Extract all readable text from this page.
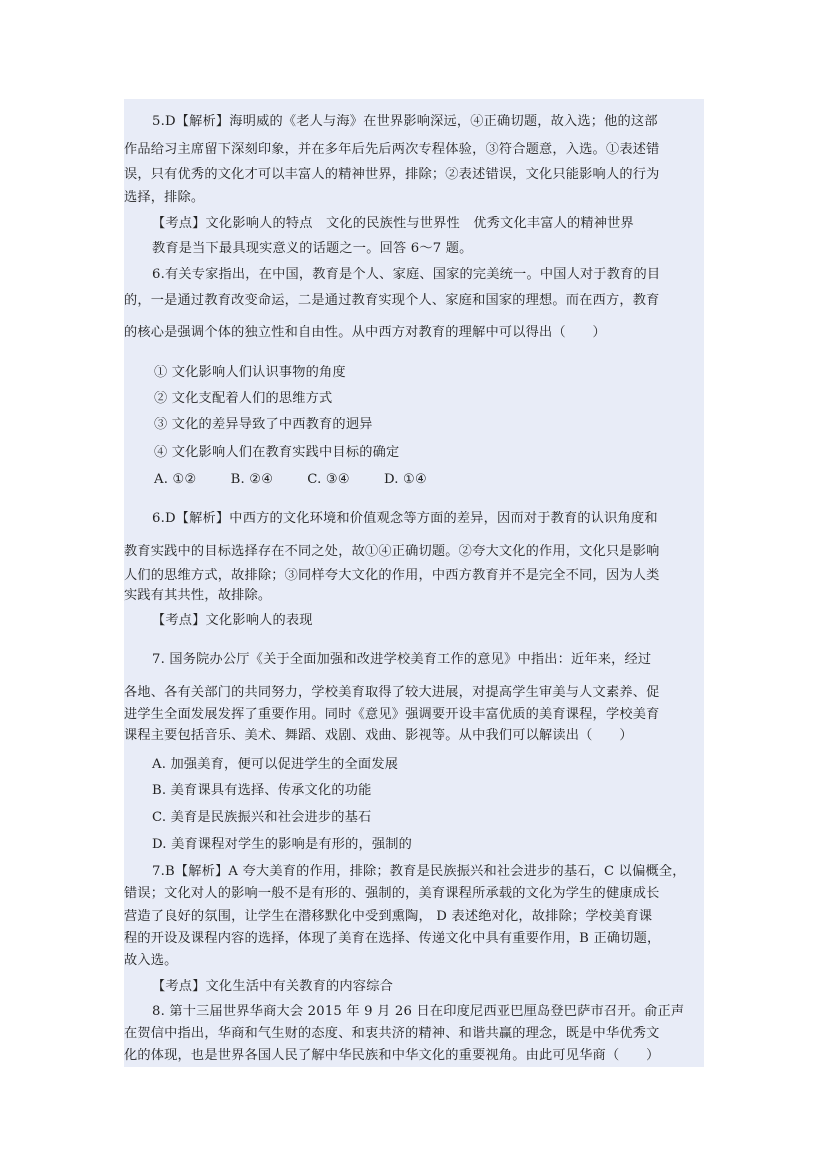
5.D【解析】海明威的《老人与海》在世界影响深远，④正确切题，故入选；他的这部
作品给习主席留下深刻印象，并在多年后先后两次专程体验，③符合题意，入选。①表述错
误，只有优秀的文化才可以丰富人的精神世界，排除；②表述错误，文化只能影响人的行为
选择，排除。
【考点】文化影响人的特点　文化的民族性与世界性　优秀文化丰富人的精神世界
教育是当下最具现实意义的话题之一。回答 6～7 题。
6.有关专家指出，在中国，教育是个人、家庭、国家的完美统一。中国人对于教育的目
的，一是通过教育改变命运，二是通过教育实现个人、家庭和国家的理想。而在西方，教育
的核心是强调个体的独立性和自由性。从中西方对教育的理解中可以得出（　　）
① 文化影响人们认识事物的角度
② 文化支配着人们的思维方式
③ 文化的差异导致了中西教育的迥异
④ 文化影响人们在教育实践中目标的确定
A. ①②	B. ②④	C. ③④	D. ①④
6.D【解析】中西方的文化环境和价值观念等方面的差异，因而对于教育的认识角度和
教育实践中的目标选择存在不同之处，故①④正确切题。②夸大文化的作用，文化只是影响
人们的思维方式，故排除；③同样夸大文化的作用，中西方教育并不是完全不同，因为人类
实践有其共性，故排除。
【考点】文化影响人的表现
7. 国务院办公厅《关于全面加强和改进学校美育工作的意见》中指出：近年来，经过
各地、各有关部门的共同努力，学校美育取得了较大进展，对提高学生审美与人文素养、促
进学生全面发展发挥了重要作用。同时《意见》强调要开设丰富优质的美育课程，学校美育
课程主要包括音乐、美术、舞蹈、戏剧、戏曲、影视等。从中我们可以解读出（　　）
A. 加强美育，便可以促进学生的全面发展
B. 美育课具有选择、传承文化的功能
C. 美育是民族振兴和社会进步的基石
D. 美育课程对学生的影响是有形的，强制的
7.B【解析】A 夸大美育的作用，排除；教育是民族振兴和社会进步的基石，C 以偏概全，
错误；文化对人的影响一般不是有形的、强制的，美育课程所承载的文化为学生的健康成长
营造了良好的氛围，让学生在潜移默化中受到熏陶， D 表述绝对化，故排除；学校美育课
程的开设及课程内容的选择，体现了美育在选择、传递文化中具有重要作用，B 正确切题，
故入选。
【考点】文化生活中有关教育的内容综合
8. 第十三届世界华商大会 2015 年 9 月 26 日在印度尼西亚巴厘岛登巴萨市召开。俞正声
在贺信中指出，华商和气生财的态度、和衷共济的精神、和谐共赢的理念，既是中华优秀文
化的体现，也是世界各国人民了解中华民族和中华文化的重要视角。由此可见华商（　　）
